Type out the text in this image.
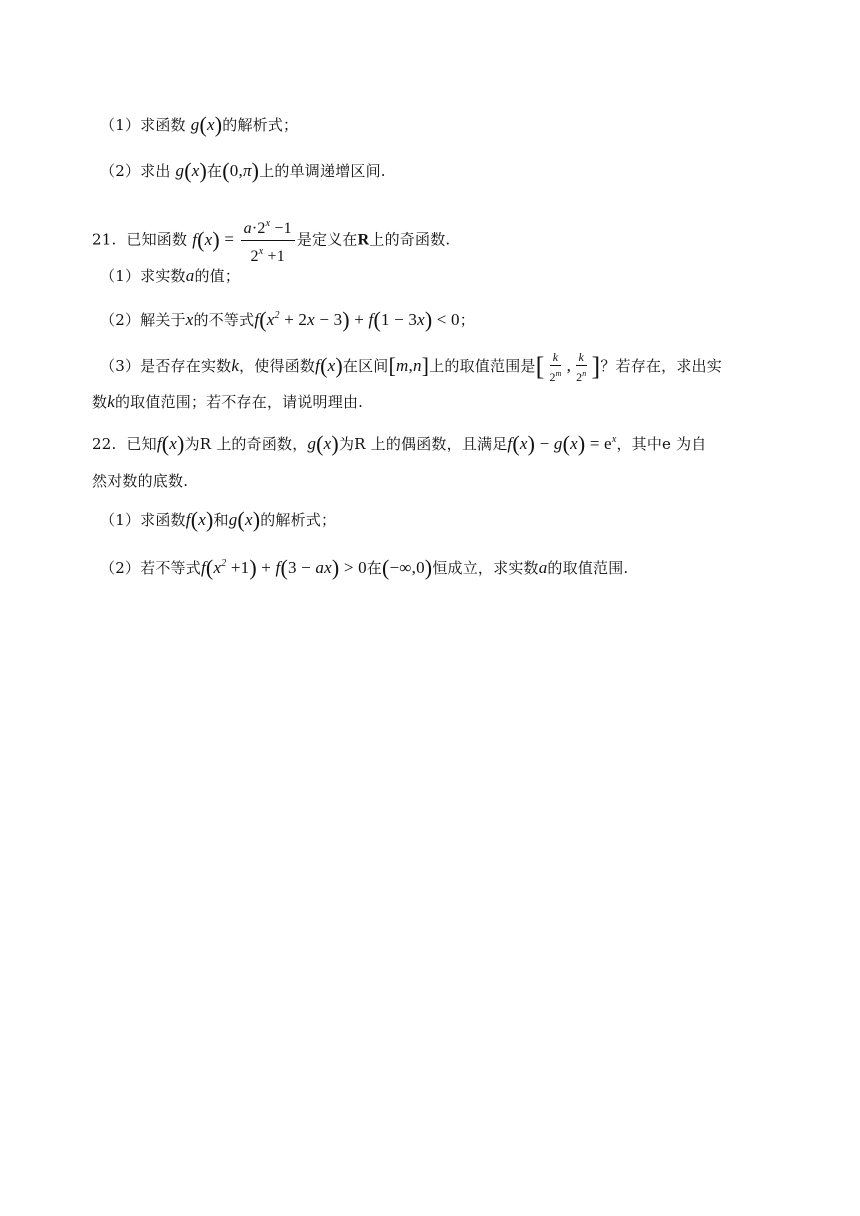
（1）求函数 g(x)的解析式；
（2）求出 g(x)在(0,π)上的单调递增区间.
21. 已知函数 $f(x) = \frac{a\cdot 2^x -1}{2^x +1}$ 是定义在R上的奇函数.
（1）求实数a的值；
（2）解关于x的不等式$f(x^2 + 2x - 3) + f(1 - 3x) < 0$；
（3）是否存在实数k，使得函数f(x)在区间[m,n]上的取值范围是[ $\frac{k}{2^m}$ , $\frac{k}{2^n}$ ]？若存在，求出实
数k的取值范围；若不存在，请说明理由.
22. 已知f(x)为R 上的奇函数，g(x)为R 上的偶函数，且满足$f(x) - g(x) = e^x$，其中e 为自
然对数的底数.
（1）求函数f(x)和g(x)的解析式；
（2）若不等式$f(x^2 +1) + f(3 - ax) > 0$在(−∞,0)恒成立，求实数a的取值范围.
